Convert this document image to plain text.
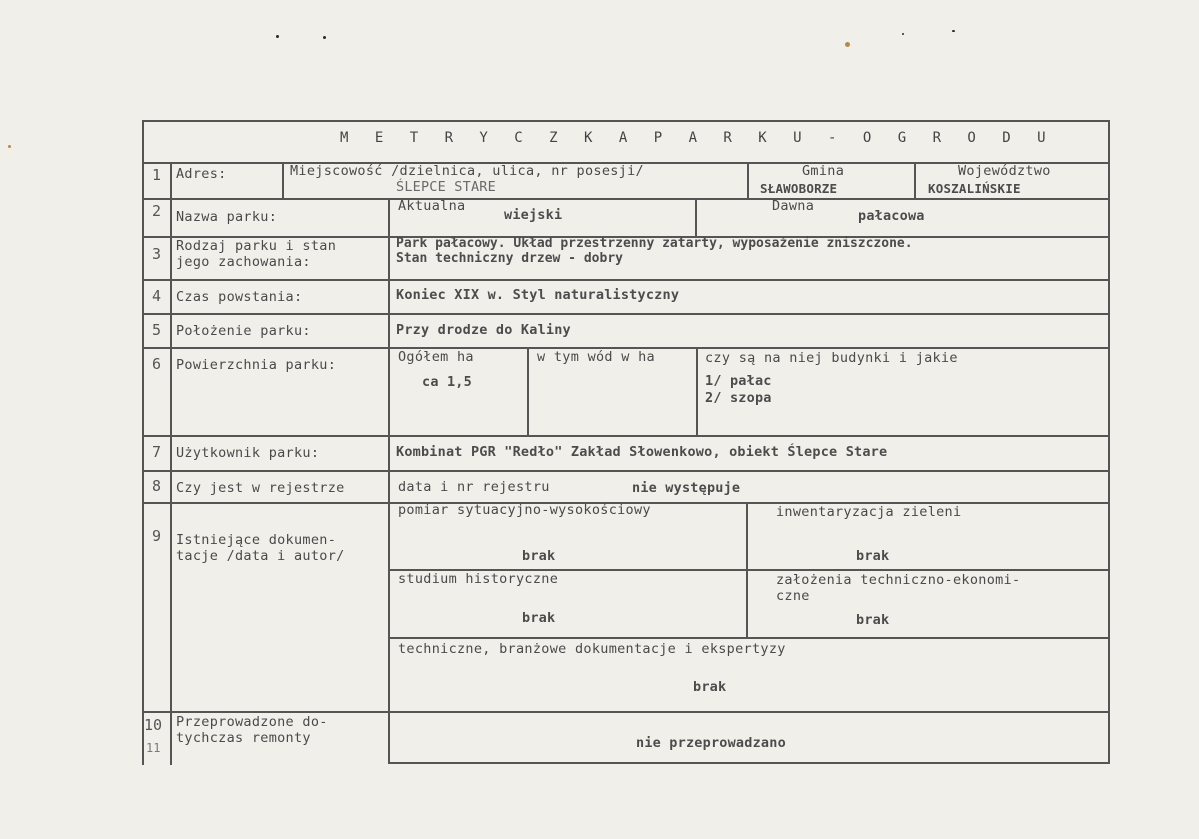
M E T R Y C Z K A P A R K U - O G R O D U
1
2
3
4
5
6
7
8
9
10
11
Adres:
Nazwa parku:
Rodzaj parku i stan
jego zachowania:
Czas powstania:
Położenie parku:
Powierzchnia parku:
Użytkownik parku:
Czy jest w rejestrze
Istniejące dokumen-
tacje /data i autor/
Przeprowadzone do-
tychczas remonty
Miejscowość /dzielnica, ulica, nr posesji/
ŚLEPCE STARE
Gmina
SŁAWOBORZE
Województwo
KOSZALIŃSKIE
Aktualna
wiejski
Dawna
pałacowa
Park pałacowy. Układ przestrzenny zatarty, wyposażenie zniszczone.
Stan techniczny drzew - dobry
Koniec XIX w. Styl naturalistyczny
Przy drodze do Kaliny
Ogółem ha
ca 1,5
w tym wód w ha	czy są na niej budynki i jakie
1/ pałac
2/ szopa
Kombinat PGR "Redło" Zakład Słowenkowo, obiekt Ślepce Stare
data i nr rejestru	nie występuje
pomiar sytuacyjno-wysokościowy
brak
inwentaryzacja zieleni
brak
studium historyczne
brak
założenia techniczno-ekonomi-
czne
brak
techniczne, branżowe dokumentacje i ekspertyzy
brak
nie przeprowadzano
